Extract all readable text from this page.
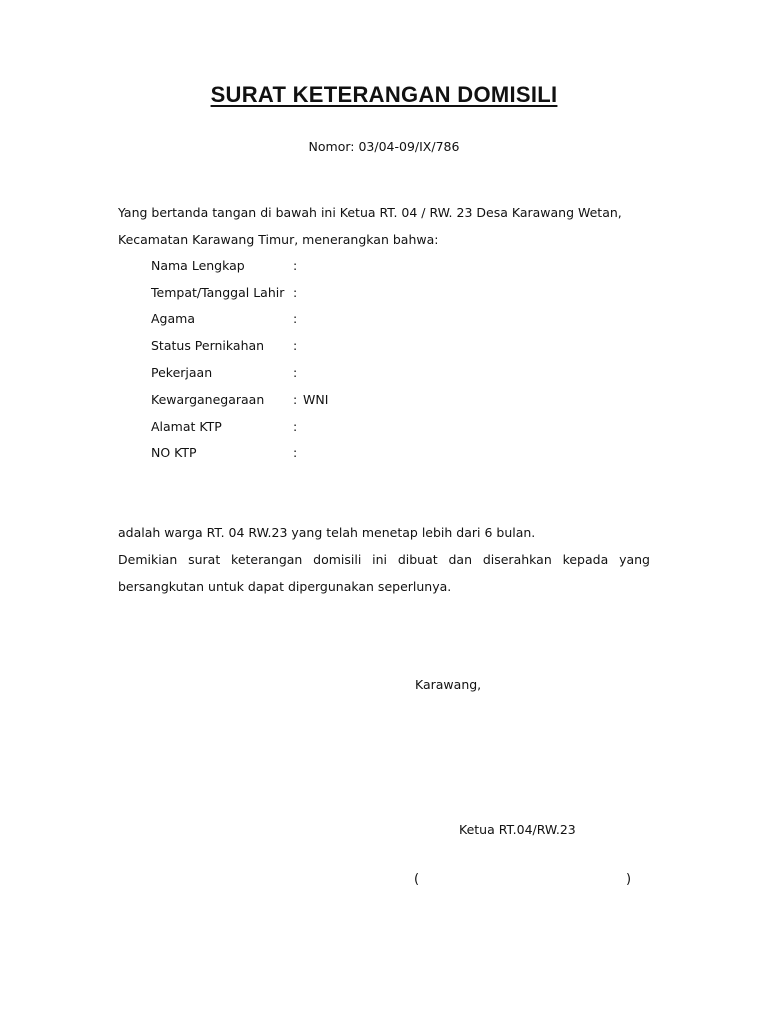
SURAT KETERANGAN DOMISILI
Nomor: 03/04-09/IX/786
Yang bertanda tangan di bawah ini Ketua RT. 04 / RW. 23 Desa Karawang Wetan, Kecamatan Karawang Timur, menerangkan bahwa:
Nama Lengkap	:
Tempat/Tanggal Lahir :
Agama	:
Status Pernikahan	:
Pekerjaan	:
Kewarganegaraan	: WNI
Alamat KTP	:
NO KTP	:
adalah warga RT. 04 RW.23 yang telah menetap lebih dari 6 bulan.
Demikian surat keterangan domisili ini dibuat dan diserahkan kepada yang bersangkutan untuk dapat dipergunakan seperlunya.
Karawang,
Ketua RT.04/RW.23
(	)
